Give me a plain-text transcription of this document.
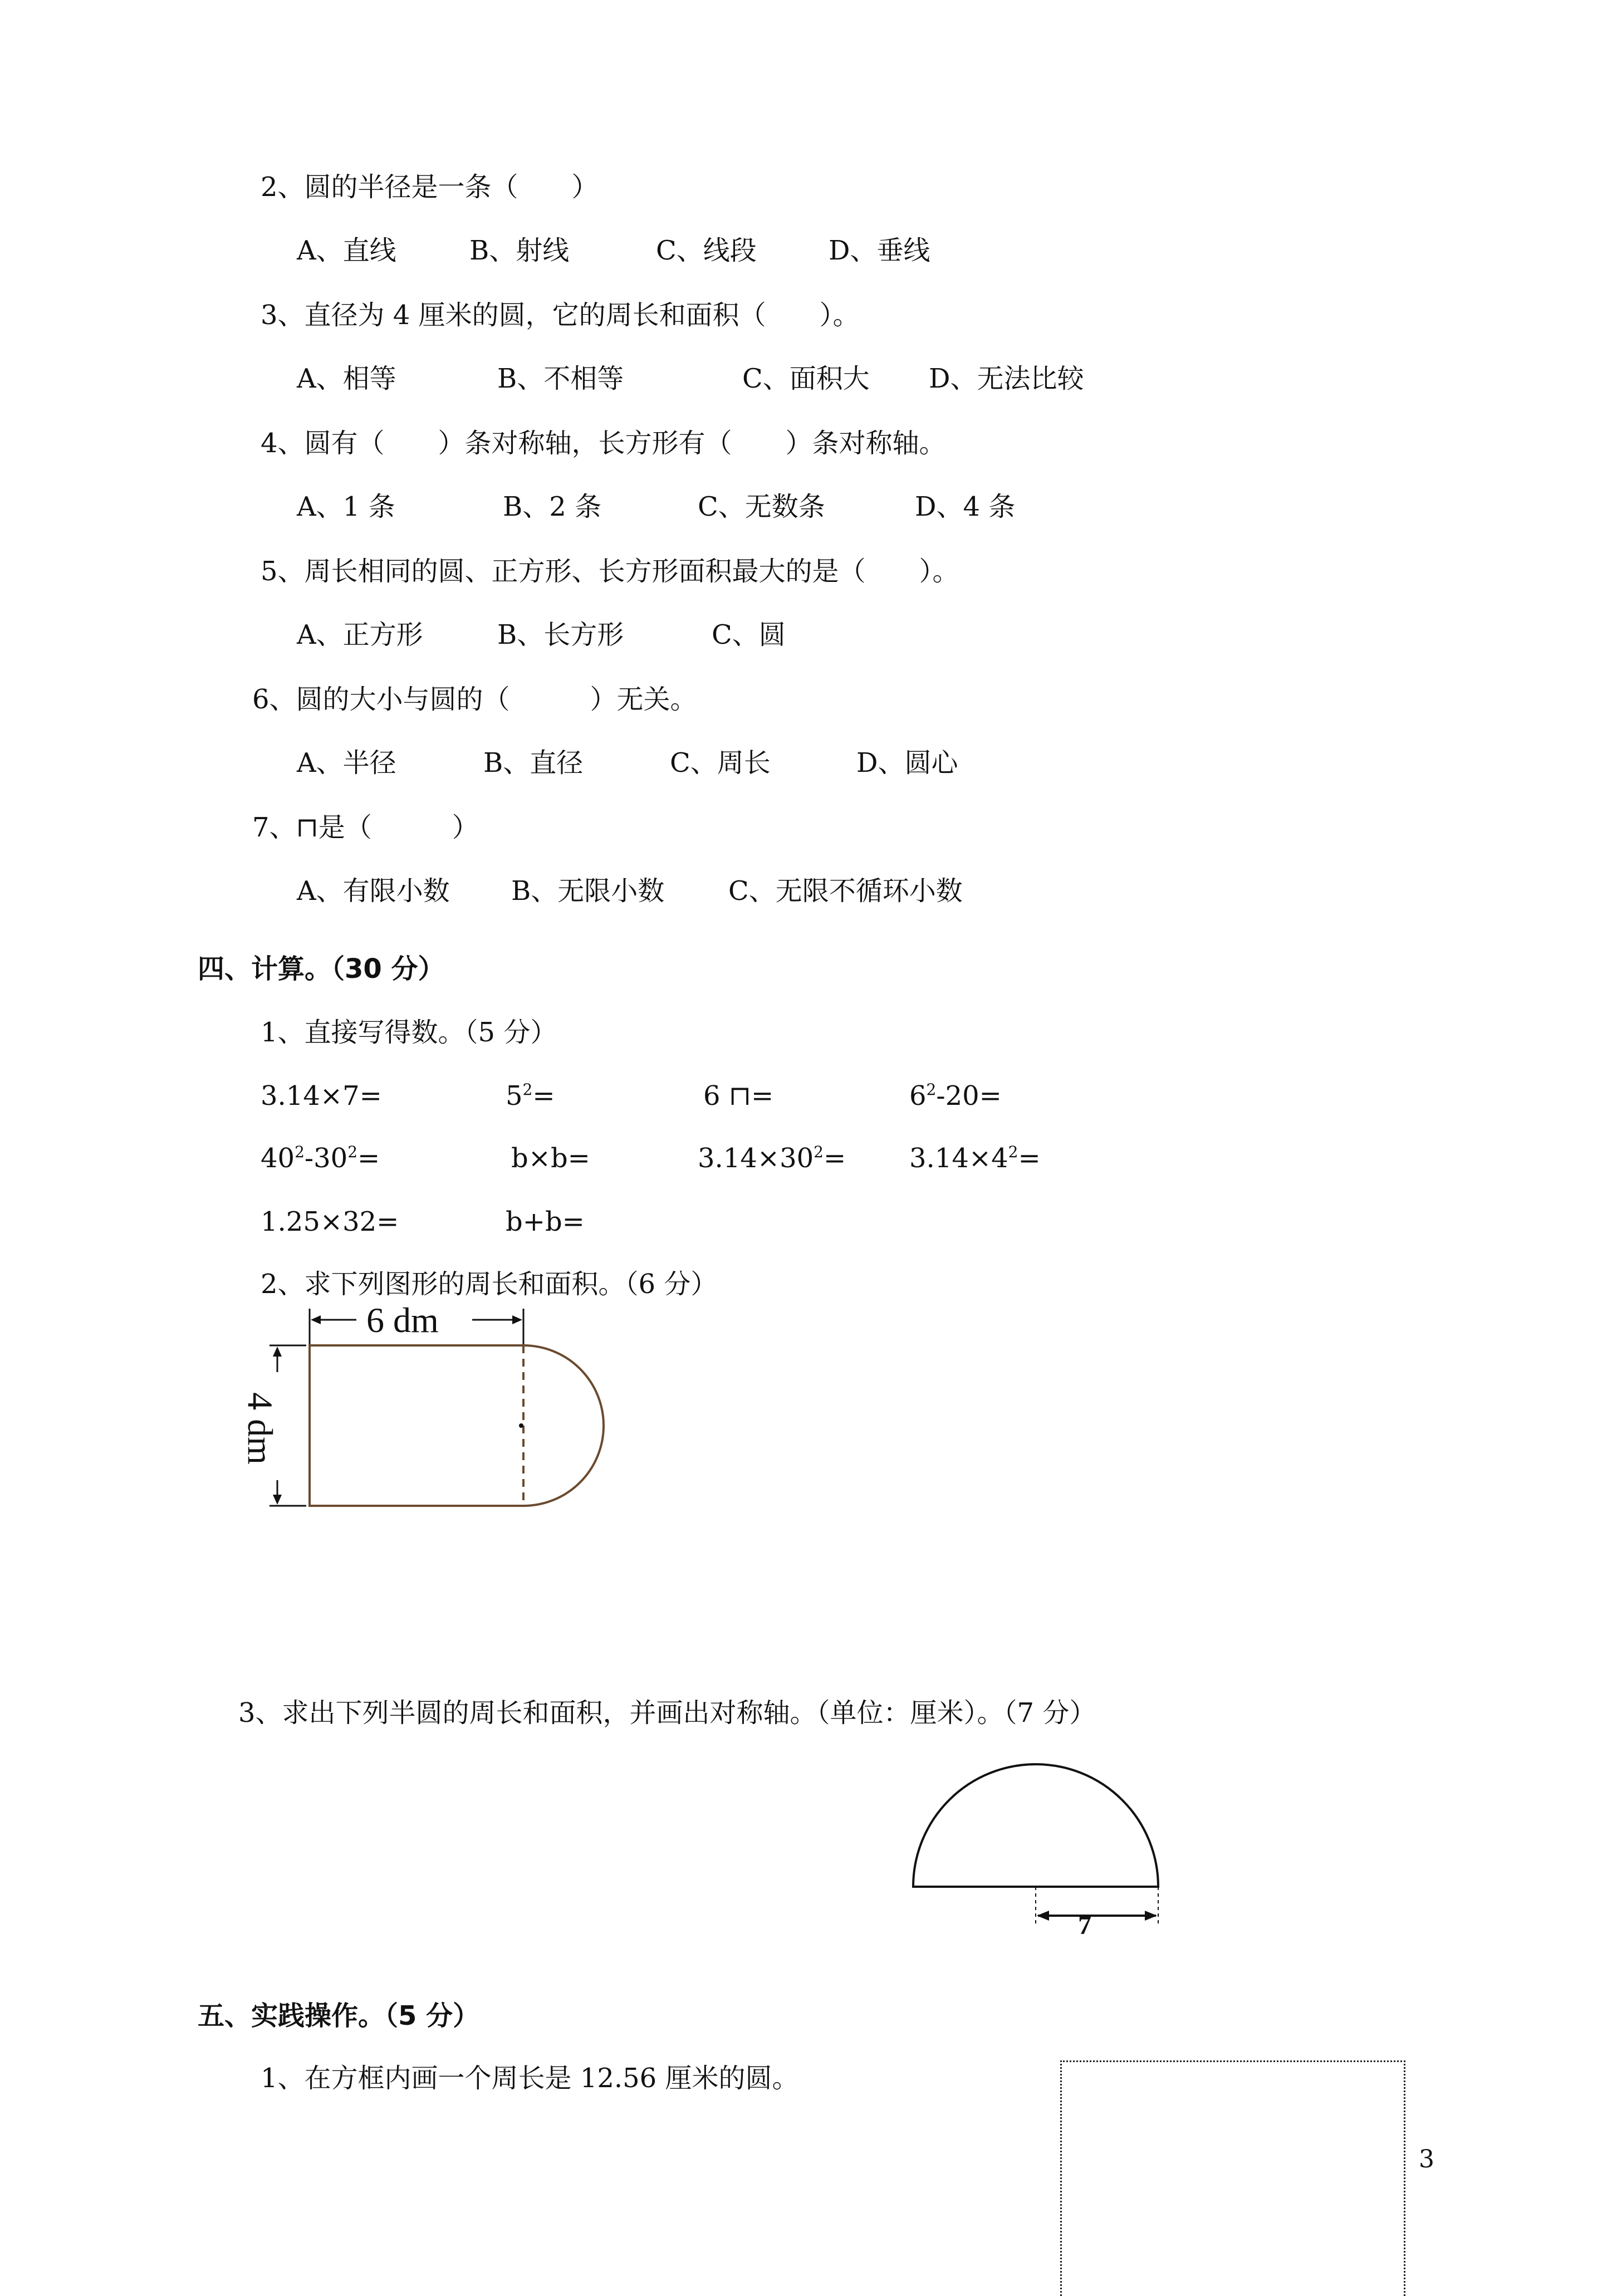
2、圆的半径是一条（　　）
A、直线	B、射线	C、线段	D、垂线
3、直径为 4 厘米的圆，它的周长和面积（　　）。
A、相等	B、不相等	C、面积大 D、无法比较
4、圆有（　　）条对称轴，长方形有（　　）条对称轴。
A、1 条	B、2 条	C、无数条	D、4 条
5、周长相同的圆、正方形、长方形面积最大的是（　　）。
A、正方形	B、长方形	C、圆
6、圆的大小与圆的（　　　）无关。
A、半径	B、直径	C、周长	D、圆心
7、⊓是（　　　）
A、有限小数 B、无限小数 C、无限不循环小数
四、计算。（30 分）
1、直接写得数。（5 分）
3.14×7=	$5^2=$	6 ⊓=	$6^2-20=$
$40^2-30^2=$	b×b=	$3.14\times 30^2= 3.14\times 4^2=$
1.25×32=	b+b=
2、求下列图形的周长和面积。（6 分）
6 dm
4 dm
3、求出下列半圆的周长和面积，并画出对称轴。（单位：厘米）。（7 分）
7
五、实践操作。（5 分）
1、在方框内画一个周长是 12.56 厘米的圆。
3
